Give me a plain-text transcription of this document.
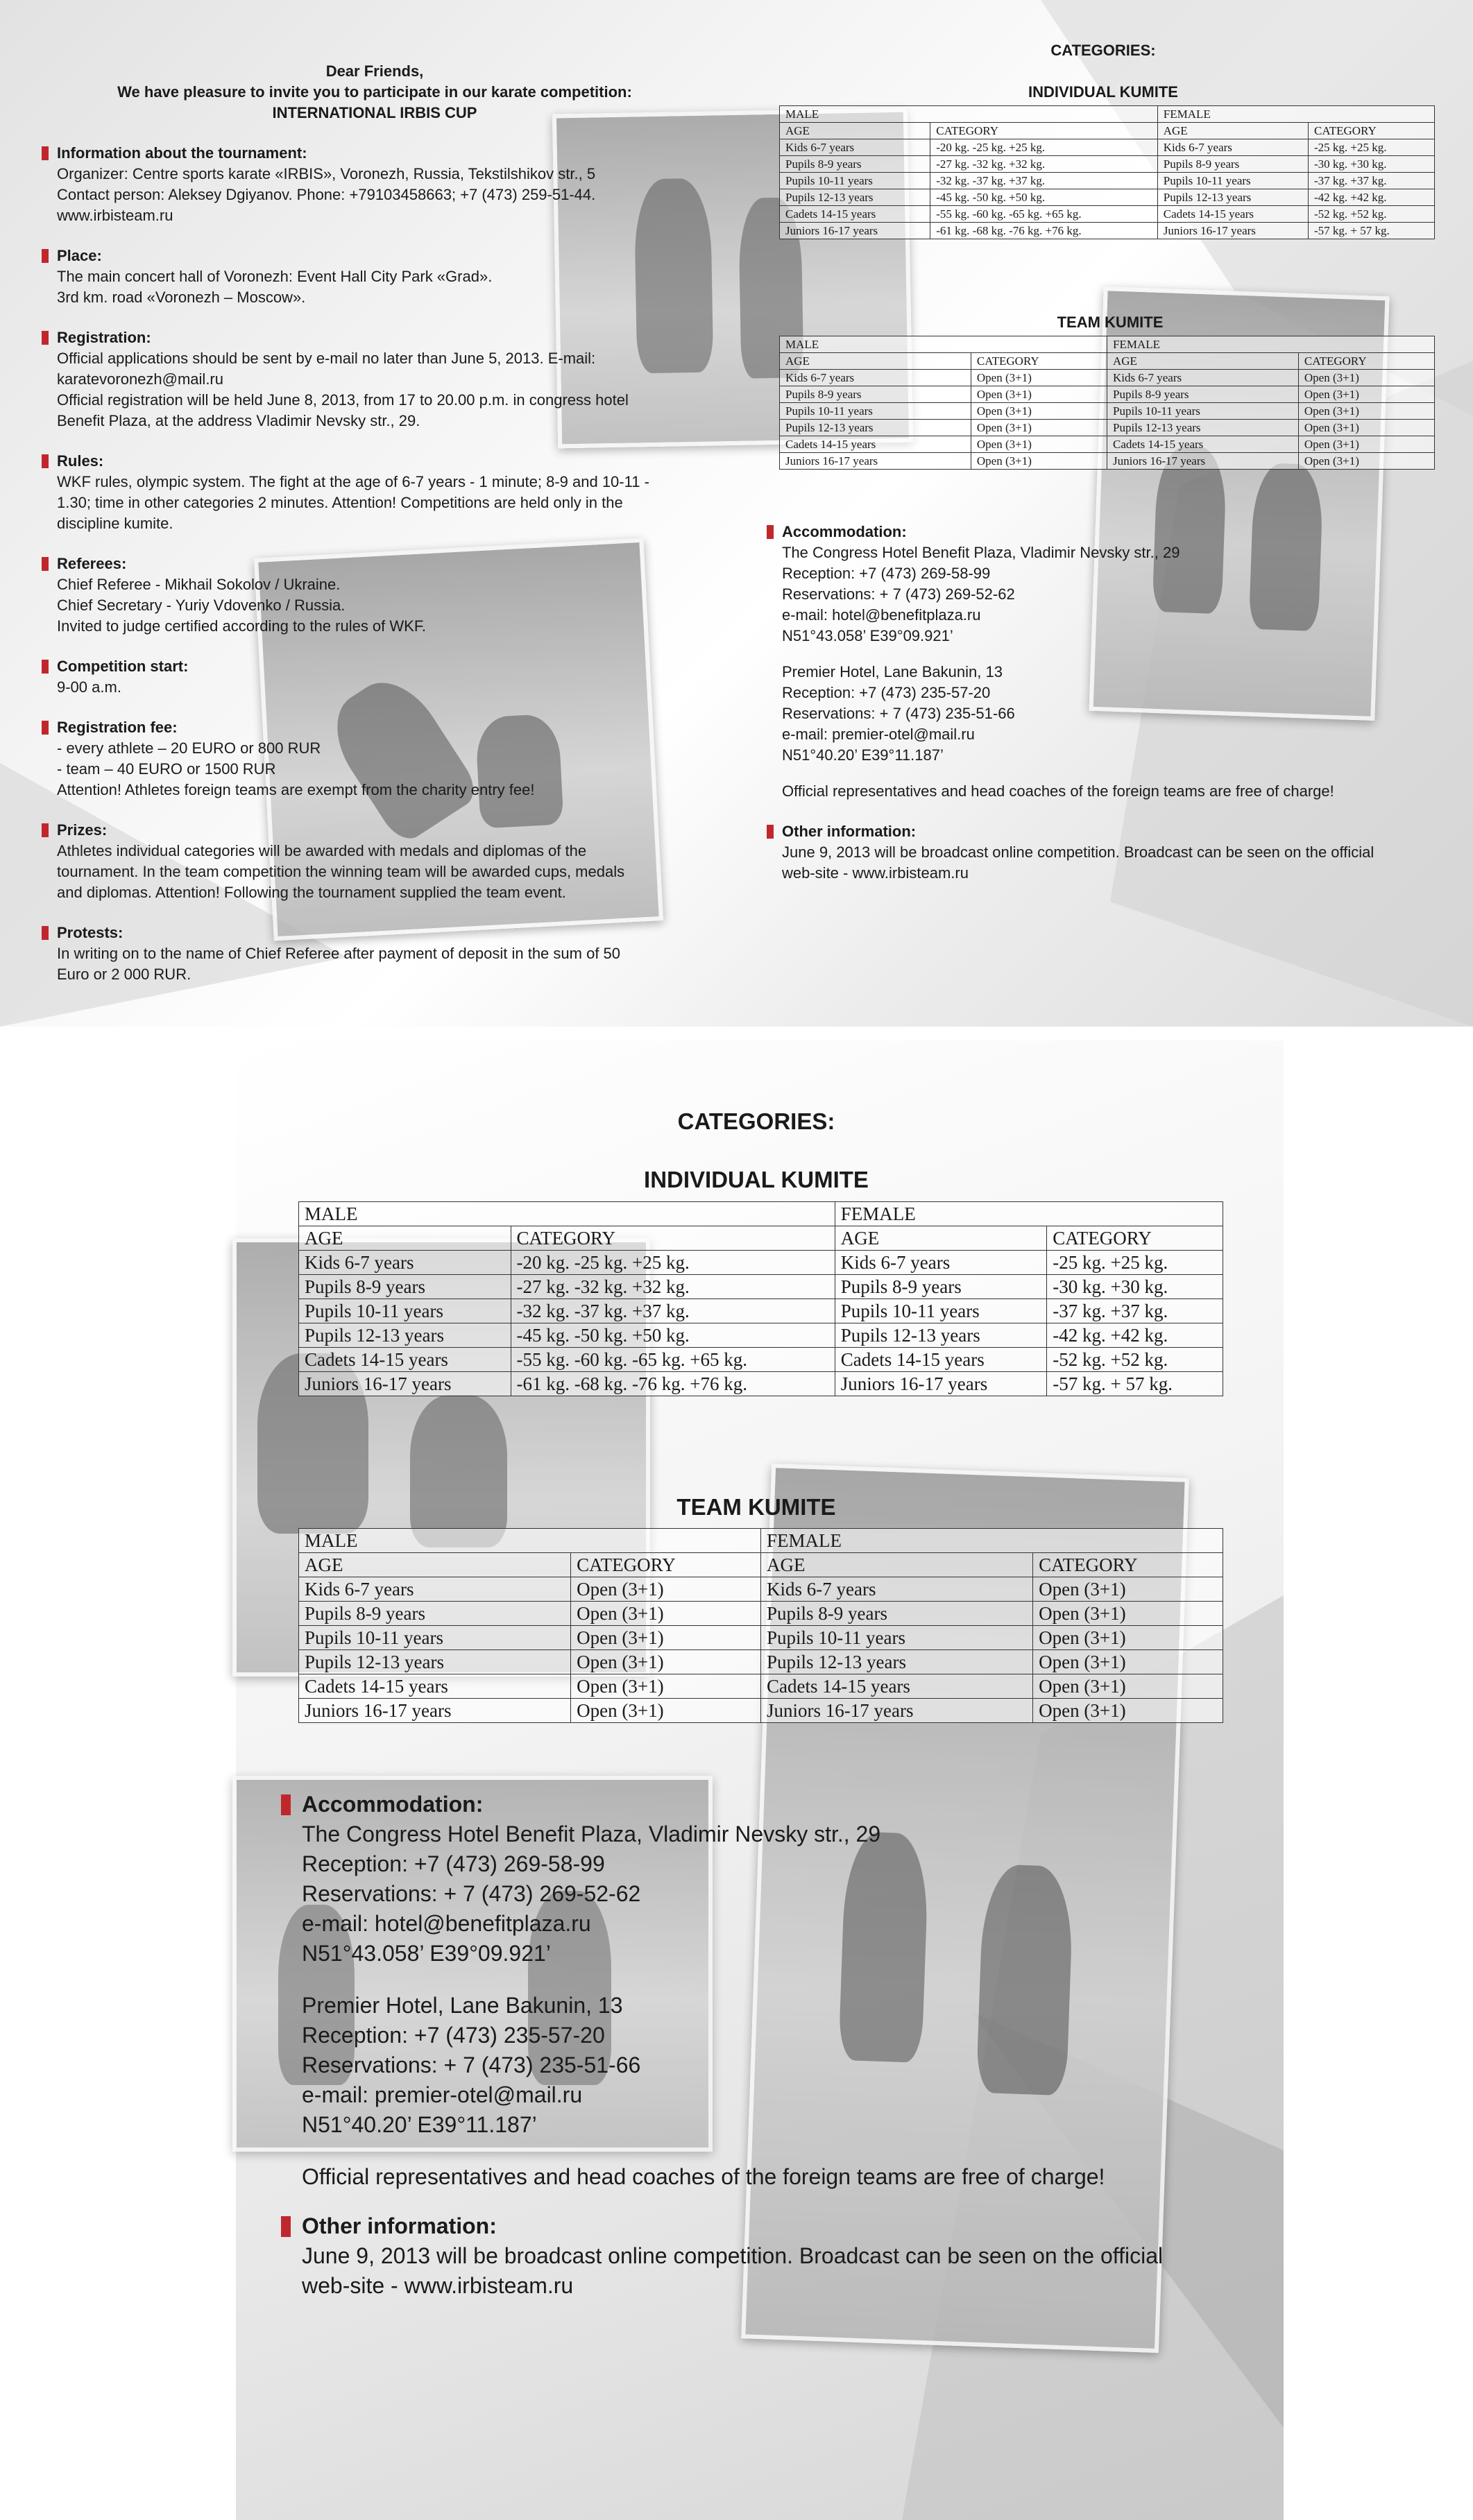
Dear Friends,
We have pleasure to invite you to participate in our karate competition:
INTERNATIONAL IRBIS CUP
Information about the tournament:
Organizer: Centre sports karate «IRBIS», Voronezh, Russia, Tekstilshikov str., 5
Contact person: Aleksey Dgiyanov. Phone: +79103458663; +7 (473) 259-51-44.
www.irbisteam.ru
Place:
The main concert hall of Voronezh: Event Hall City Park «Grad».
3rd km. road «Voronezh – Moscow».
Registration:
Official applications should be sent by e-mail no later than June 5, 2013. E-mail:
karatevoronezh@mail.ru
Official registration will be held June 8, 2013, from 17 to 20.00 p.m. in congress hotel
Benefit Plaza, at the address Vladimir Nevsky str., 29.
Rules:
WKF rules, olympic system. The fight at the age of 6-7 years - 1 minute; 8-9 and 10-11 -
1.30; time in other categories 2 minutes. Attention! Competitions are held only in the
discipline kumite.
Referees:
Chief Referee - Mikhail Sokolov / Ukraine.
Chief Secretary - Yuriy Vdovenko / Russia.
Invited to judge certified according to the rules of WKF.
Competition start:
9-00 a.m.
Registration fee:
- every athlete – 20 EURO or 800 RUR
- team – 40 EURO or 1500 RUR
Attention! Athletes foreign teams are exempt from the charity entry fee!
Prizes:
Athletes individual categories will be awarded with medals and diplomas of the
tournament. In the team competition the winning team will be awarded cups, medals
and diplomas. Attention! Following the tournament supplied the team event.
Protests:
In writing on to the name of Chief Referee after payment of deposit in the sum of 50
Euro or 2 000 RUR.
CATEGORIES:
INDIVIDUAL KUMITE
MALE		FEMALE	
AGE	CATEGORY	AGE	CATEGORY
Kids 6-7 years	-20 kg. -25 kg. +25 kg.	Kids 6-7 years	-25 kg. +25 kg.
Pupils 8-9 years	-27 kg. -32 kg. +32 kg.	Pupils 8-9 years	-30 kg. +30 kg.
Pupils 10-11 years	-32 kg. -37 kg. +37 kg.	Pupils 10-11 years	-37 kg. +37 kg.
Pupils 12-13 years	-45 kg. -50 kg. +50 kg.	Pupils 12-13 years	-42 kg. +42 kg.
Cadets 14-15 years	-55 kg. -60 kg. -65 kg. +65 kg.	Cadets 14-15 years	-52 kg. +52 kg.
Juniors 16-17 years	-61 kg. -68 kg. -76 kg. +76 kg.	Juniors 16-17 years	-57 kg. + 57 kg.
TEAM KUMITE
MALE		FEMALE	
AGE	CATEGORY	AGE	CATEGORY
Kids 6-7 years	Open (3+1)	Kids 6-7 years	Open (3+1)
Pupils 8-9 years	Open (3+1)	Pupils 8-9 years	Open (3+1)
Pupils 10-11 years	Open (3+1)	Pupils 10-11 years	Open (3+1)
Pupils 12-13 years	Open (3+1)	Pupils 12-13 years	Open (3+1)
Cadets 14-15 years	Open (3+1)	Cadets 14-15 years	Open (3+1)
Juniors 16-17 years	Open (3+1)	Juniors 16-17 years	Open (3+1)
Accommodation:
The Congress Hotel Benefit Plaza, Vladimir Nevsky str., 29
Reception: +7 (473) 269-58-99
Reservations: + 7 (473) 269-52-62
e-mail: hotel@benefitplaza.ru
N51°43.058’ E39°09.921’
Premier Hotel, Lane Bakunin, 13
Reception: +7 (473) 235-57-20
Reservations: + 7 (473) 235-51-66
e-mail: premier-otel@mail.ru
N51°40.20’ E39°11.187’
Official representatives and head coaches of the foreign teams are free of charge!
Other information:
June 9, 2013 will be broadcast online competition. Broadcast can be seen on the official
web-site - www.irbisteam.ru
CATEGORIES:
INDIVIDUAL KUMITE
MALE		FEMALE	
AGE	CATEGORY	AGE	CATEGORY
Kids 6-7 years	-20 kg. -25 kg. +25 kg.	Kids 6-7 years	-25 kg. +25 kg.
Pupils 8-9 years	-27 kg. -32 kg. +32 kg.	Pupils 8-9 years	-30 kg. +30 kg.
Pupils 10-11 years	-32 kg. -37 kg. +37 kg.	Pupils 10-11 years	-37 kg. +37 kg.
Pupils 12-13 years	-45 kg. -50 kg. +50 kg.	Pupils 12-13 years	-42 kg. +42 kg.
Cadets 14-15 years	-55 kg. -60 kg. -65 kg. +65 kg.	Cadets 14-15 years	-52 kg. +52 kg.
Juniors 16-17 years	-61 kg. -68 kg. -76 kg. +76 kg.	Juniors 16-17 years	-57 kg. + 57 kg.
TEAM KUMITE
MALE		FEMALE	
AGE	CATEGORY	AGE	CATEGORY
Kids 6-7 years	Open (3+1)	Kids 6-7 years	Open (3+1)
Pupils 8-9 years	Open (3+1)	Pupils 8-9 years	Open (3+1)
Pupils 10-11 years	Open (3+1)	Pupils 10-11 years	Open (3+1)
Pupils 12-13 years	Open (3+1)	Pupils 12-13 years	Open (3+1)
Cadets 14-15 years	Open (3+1)	Cadets 14-15 years	Open (3+1)
Juniors 16-17 years	Open (3+1)	Juniors 16-17 years	Open (3+1)
Accommodation:
The Congress Hotel Benefit Plaza, Vladimir Nevsky str., 29
Reception: +7 (473) 269-58-99
Reservations: + 7 (473) 269-52-62
e-mail: hotel@benefitplaza.ru
N51°43.058’ E39°09.921’
Premier Hotel, Lane Bakunin, 13
Reception: +7 (473) 235-57-20
Reservations: + 7 (473) 235-51-66
e-mail: premier-otel@mail.ru
N51°40.20’ E39°11.187’
Official representatives and head coaches of the foreign teams are free of charge!
Other information:
June 9, 2013 will be broadcast online competition. Broadcast can be seen on the official
web-site - www.irbisteam.ru
